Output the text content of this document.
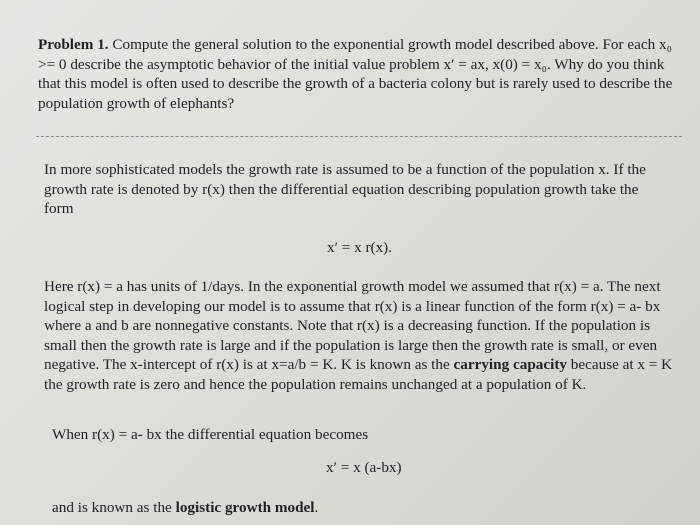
Problem 1. Compute the general solution to the exponential growth model described above. For each x₀ >= 0 describe the asymptotic behavior of the initial value problem x′ = ax, x(0) = x₀. Why do you think that this model is often used to describe the growth of a bacteria colony but is rarely used to describe the population growth of elephants?

In more sophisticated models the growth rate is assumed to be a function of the population x. If the growth rate is denoted by r(x) then the differential equation describing population growth take the form

x′ = x r(x).

Here r(x) = a has units of 1/days. In the exponential growth model we assumed that r(x) = a. The next logical step in developing our model is to assume that r(x) is a linear function of the form r(x) = a- bx where a and b are nonnegative constants. Note that r(x) is a decreasing function. If the population is small then the growth rate is large and if the population is large then the growth rate is small, or even negative. The x-intercept of r(x) is at x=a/b = K. K is known as the carrying capacity because at x = K the growth rate is zero and hence the population remains unchanged at a population of K.

When r(x) = a- bx the differential equation becomes

x′ = x (a-bx)

and is known as the logistic growth model.
